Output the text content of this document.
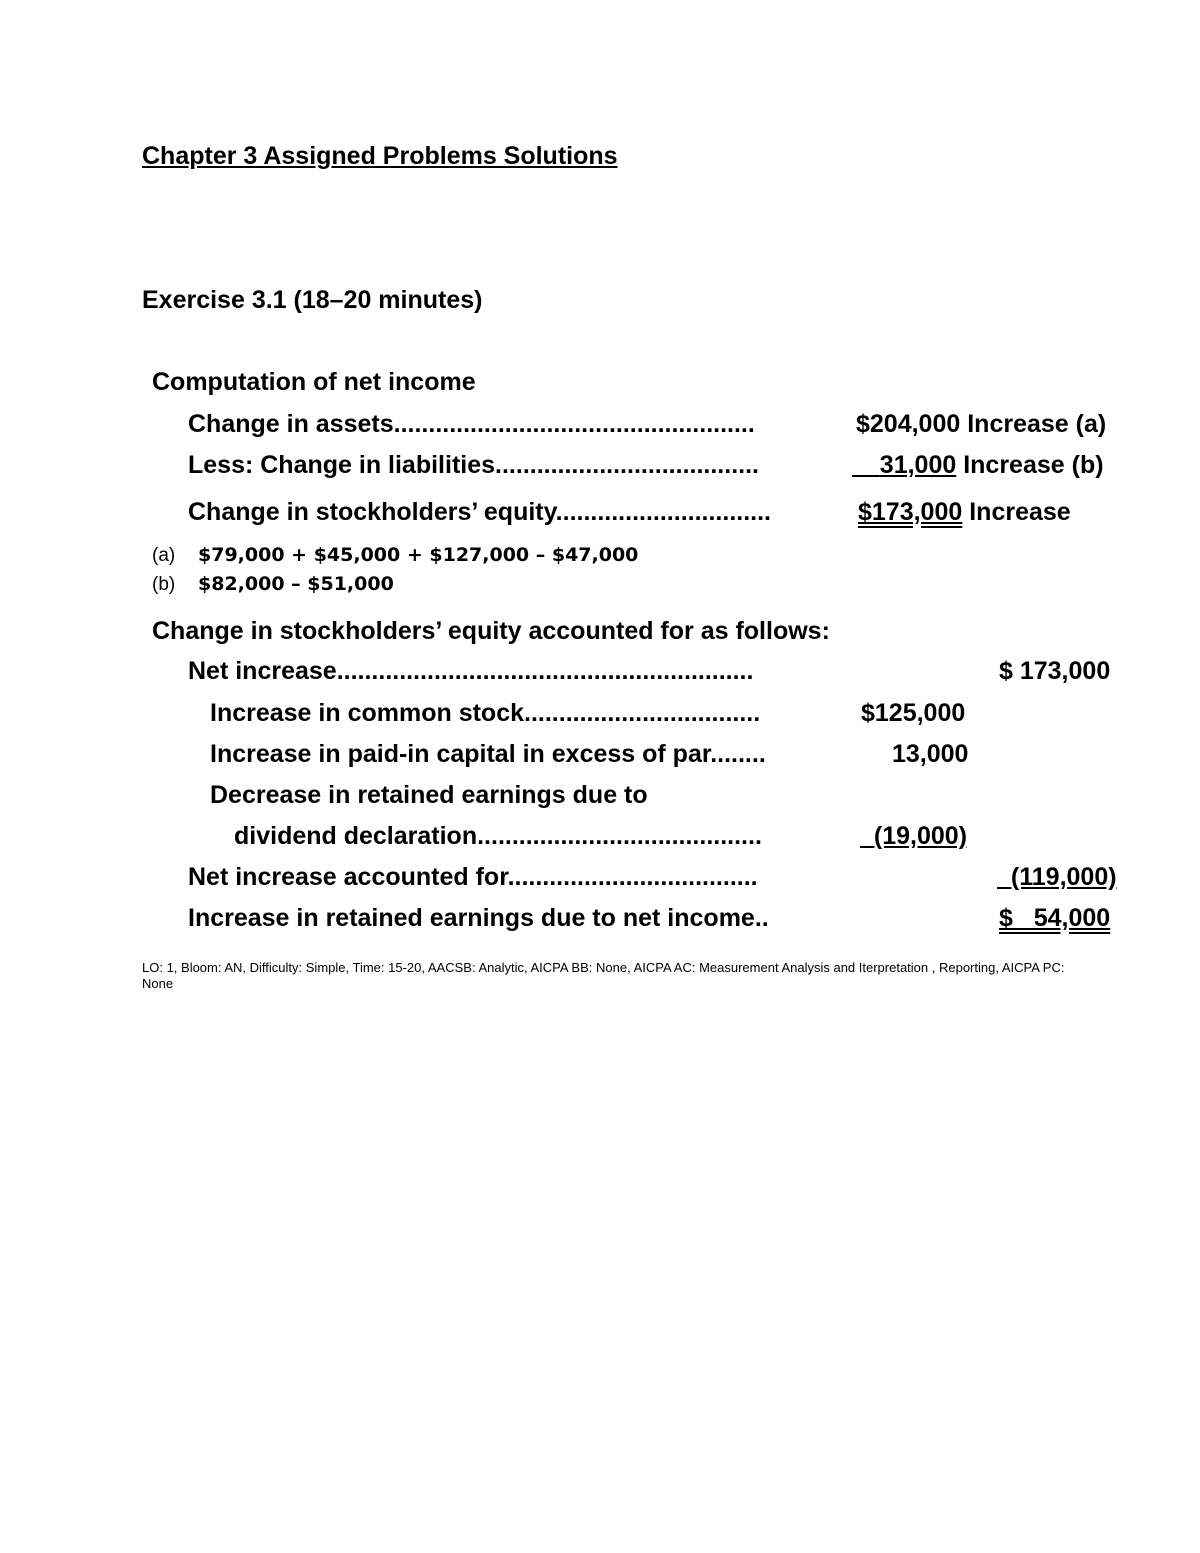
Chapter 3 Assigned Problems Solutions
Exercise 3.1 (18–20 minutes)
Computation of net income
Change in assets....................................................	$204,000 Increase (a)
Less: Change in liabilities......................................	31,000 Increase (b)
Change in stockholders’ equity...............................	$173,000 Increase
(a) $79,000 + $45,000 + $127,000 – $47,000
(b) $82,000 – $51,000
Change in stockholders’ equity accounted for as follows:
Net increase............................................................	$ 173,000
Increase in common stock..................................	$125,000
Increase in paid-in capital in excess of par........	13,000
Decrease in retained earnings due to
dividend declaration.........................................	(19,000)
Net increase accounted for....................................	(119,000)
Increase in retained earnings due to net income..	$   54,000
LO: 1, Bloom: AN, Difficulty: Simple, Time: 15-20, AACSB: Analytic, AICPA BB: None, AICPA AC: Measurement Analysis and Iterpretation , Reporting, AICPA PC: None
